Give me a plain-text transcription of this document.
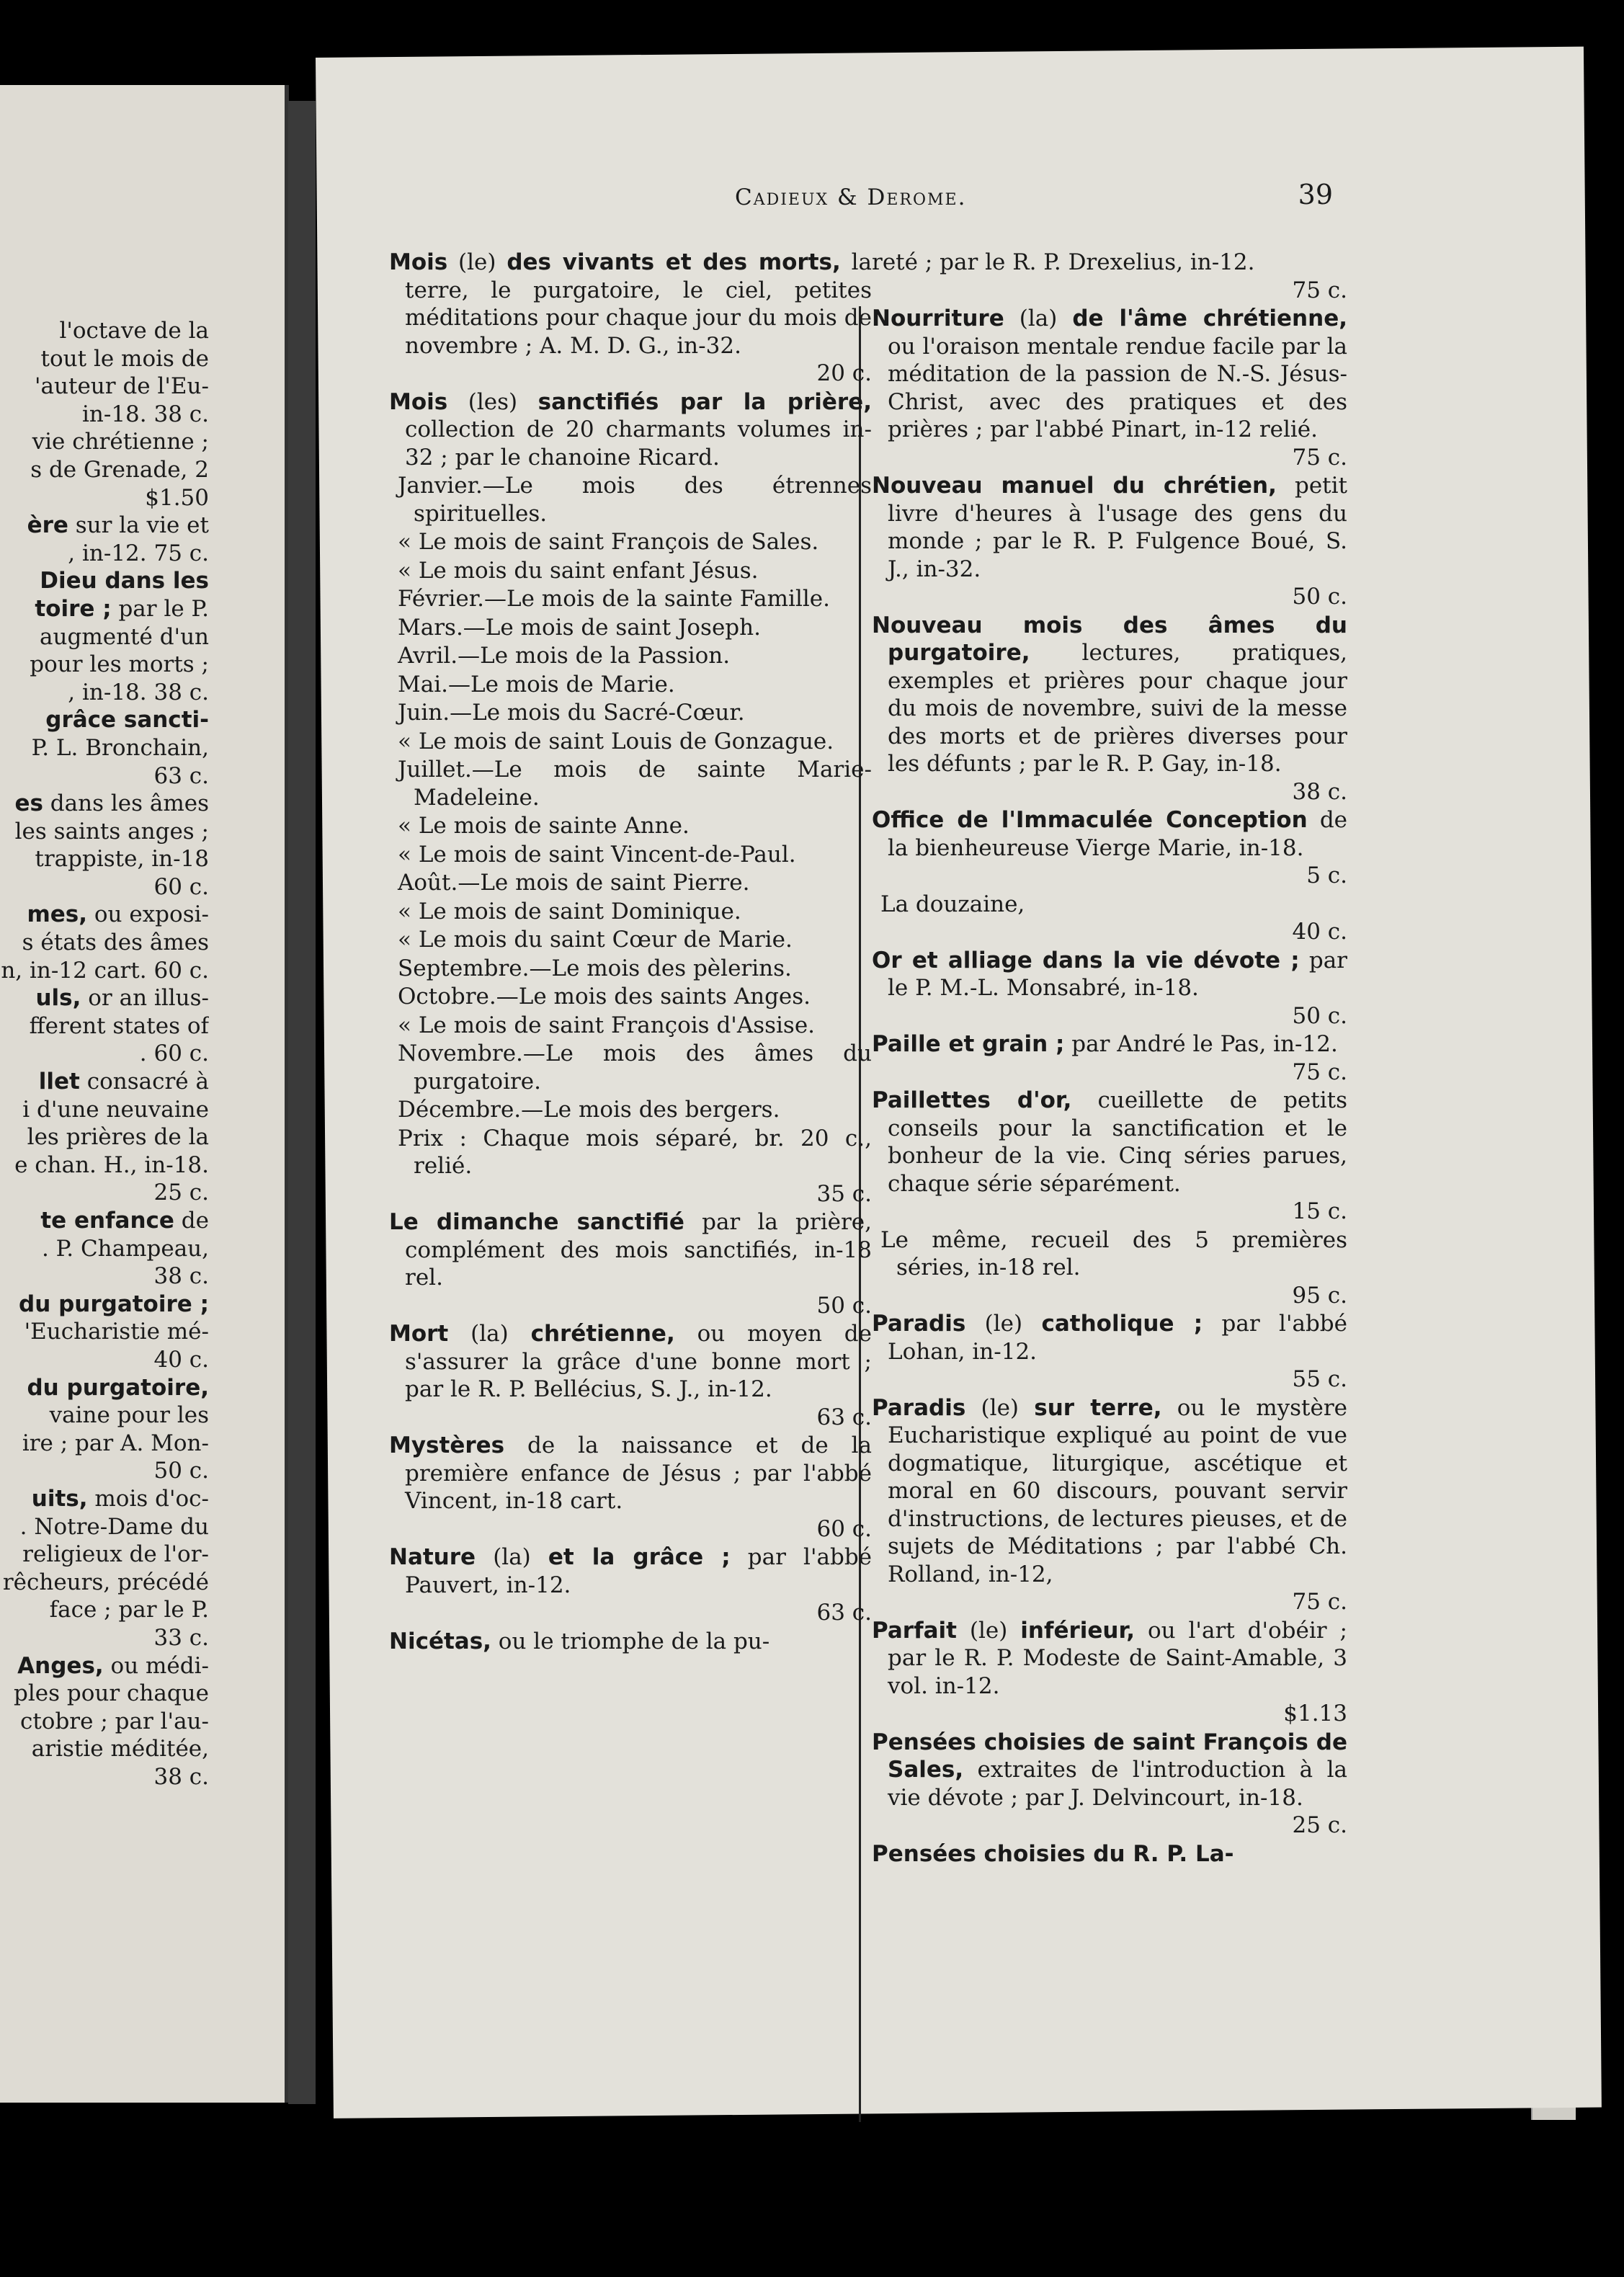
l'octave de la
tout le mois de
'auteur de l'Eu-
in-18. 38 c.
vie chrétienne ;
s de Grenade, 2
$1.50
ère sur la vie et
, in-12. 75 c.
Dieu dans les
toire ; par le P.
augmenté d'un
pour les morts ;
, in-18. 38 c.
grâce sancti-
P. L. Bronchain,
63 c.
es dans les âmes
les saints anges ;
trappiste, in-18
60 c.
mes, ou exposi-
s états des âmes
n, in-12 cart. 60 c.
uls, or an illus-
fferent states of
. 60 c.
llet consacré à
i d'une neuvaine
les prières de la
e chan. H., in-18.
25 c.
te enfance de
. P. Champeau,
38 c.
du purgatoire ;
'Eucharistie mé-
40 c.
du purgatoire,
vaine pour les
ire ; par A. Mon-
50 c.
uits, mois d'oc-
. Notre-Dame du
religieux de l'or-
rêcheurs, précédé
face ; par le P.
33 c.
Anges, ou médi-
ples pour chaque
ctobre ; par l'au-
aristie méditée,
38 c.
Cadieux & Derome.	39
Mois (le) des vivants et des morts, la terre, le purgatoire, le ciel, petites méditations pour chaque jour du mois de novembre ; A. M. D. G., in-32.
20 c.
Mois (les) sanctifiés par la prière, collection de 20 charmants volumes in-32 ; par le chanoine Ricard.
Janvier.—Le mois des étrennes spirituelles.
« Le mois de saint François de Sales.
« Le mois du saint enfant Jésus.
Février.—Le mois de la sainte Famille.
Mars.—Le mois de saint Joseph.
Avril.—Le mois de la Passion.
Mai.—Le mois de Marie.
Juin.—Le mois du Sacré-Cœur.
« Le mois de saint Louis de Gonzague.
Juillet.—Le mois de sainte Marie-Madeleine.
« Le mois de sainte Anne.
« Le mois de saint Vincent-de-Paul.
Août.—Le mois de saint Pierre.
« Le mois de saint Dominique.
« Le mois du saint Cœur de Marie.
Septembre.—Le mois des pèlerins.
Octobre.—Le mois des saints Anges.
« Le mois de saint François d'Assise.
Novembre.—Le mois des âmes du purgatoire.
Décembre.—Le mois des bergers.
Prix : Chaque mois séparé, br. 20 c., relié.
35 c.
Le dimanche sanctifié par la prière, complément des mois sanctifiés, in-18 rel.
50 c.
Mort (la) chrétienne, ou moyen de s'assurer la grâce d'une bonne mort ; par le R. P. Bellécius, S. J., in-12.
63 c.
Mystères de la naissance et de la première enfance de Jésus ; par l'abbé Vincent, in-18 cart.
60 c.
Nature (la) et la grâce ; par l'abbé Pauvert, in-12.
63 c.
Nicétas, ou le triomphe de la pu-
reté ; par le R. P. Drexelius, in-12.
75 c.
Nourriture (la) de l'âme chrétienne, ou l'oraison mentale rendue facile par la méditation de la passion de N.-S. Jésus-Christ, avec des pratiques et des prières ; par l'abbé Pinart, in-12 relié.
75 c.
Nouveau manuel du chrétien, petit livre d'heures à l'usage des gens du monde ; par le R. P. Fulgence Boué, S. J., in-32.
50 c.
Nouveau mois des âmes du purgatoire, lectures, pratiques, exemples et prières pour chaque jour du mois de novembre, suivi de la messe des morts et de prières diverses pour les défunts ; par le R. P. Gay, in-18.
38 c.
Office de l'Immaculée Conception de la bienheureuse Vierge Marie, in-18.
5 c.
La douzaine,
40 c.
Or et alliage dans la vie dévote ; par le P. M.-L. Monsabré, in-18.
50 c.
Paille et grain ; par André le Pas, in-12.
75 c.
Paillettes d'or, cueillette de petits conseils pour la sanctification et le bonheur de la vie. Cinq séries parues, chaque série séparément.
15 c.
Le même, recueil des 5 premières séries, in-18 rel.
95 c.
Paradis (le) catholique ; par l'abbé Lohan, in-12.
55 c.
Paradis (le) sur terre, ou le mystère Eucharistique expliqué au point de vue dogmatique, liturgique, ascétique et moral en 60 discours, pouvant servir d'instructions, de lectures pieuses, et de sujets de Méditations ; par l'abbé Ch. Rolland, in-12,
75 c.
Parfait (le) inférieur, ou l'art d'obéir ; par le R. P. Modeste de Saint-Amable, 3 vol. in-12.
$1.13
Pensées choisies de saint François de Sales, extraites de l'introduction à la vie dévote ; par J. Delvincourt, in-18.
25 c.
Pensées choisies du R. P. La-
